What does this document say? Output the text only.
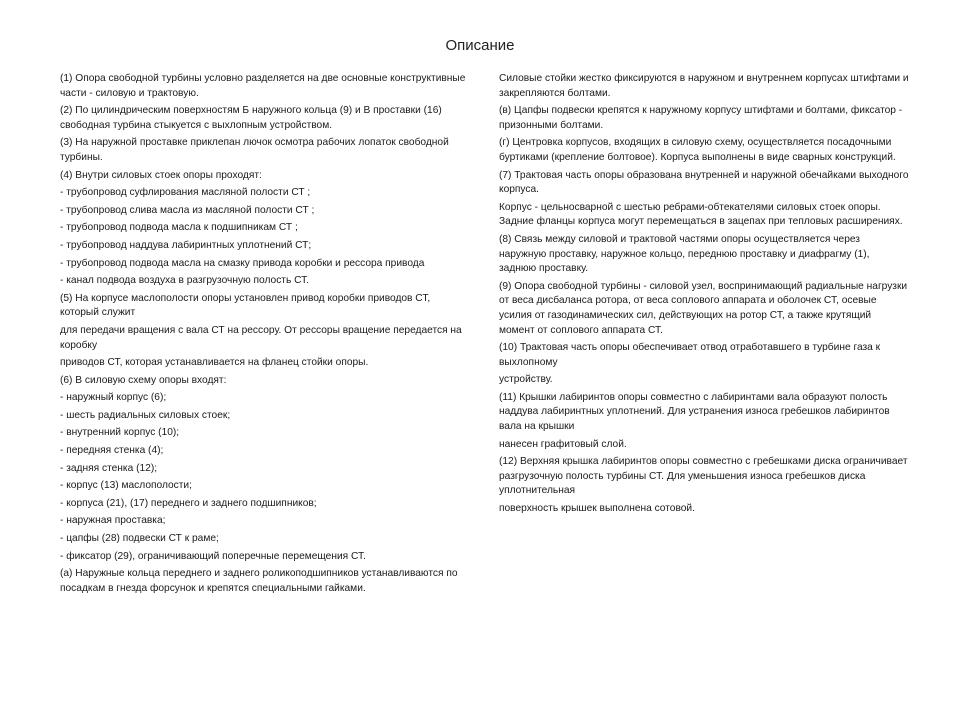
Описание

(1) Опора свободной турбины условно разделяется на две основные конструктивные части - силовую и трактовую.

(2) По цилиндрическим поверхностям Б наружного кольца (9) и В проставки (16) свободная турбина стыкуется с выхлопным устройством.

(3) На наружной проставке приклепан лючок осмотра рабочих лопаток свободной турбины.

(4) Внутри силовых стоек опоры проходят:

- трубопровод суфлирования масляной полости СТ ;

- трубопровод слива масла из масляной полости СТ ;

- трубопровод подвода масла к подшипникам СТ ;

- трубопровод наддува лабиринтных уплотнений СТ;

- трубопровод подвода масла на смазку привода коробки и рессора привода

- канал подвода воздуха в разгрузочную полость СТ.

(5) На корпусе маслополости опоры установлен привод коробки приводов СТ, который служит

для передачи вращения с вала СТ на рессору. От рессоры вращение передается на коробку

приводов СТ, которая устанавливается на фланец стойки опоры.

(6) В силовую схему опоры входят:

- наружный корпус (6);

- шесть радиальных силовых стоек;

- внутренний корпус (10);

- передняя стенка (4);

- задняя стенка (12);

- корпус (13) маслополости;

- корпуса (21), (17) переднего и заднего подшипников;

- наружная проставка;

- цапфы (28) подвески СТ к раме;

- фиксатор (29), ограничивающий поперечные перемещения СТ.

(а) Наружные кольца переднего и заднего роликоподшипников устанавливаются по посадкам в гнезда форсунок и крепятся специальными гайками.

Силовые стойки жестко фиксируются в наружном и внутреннем корпусах штифтами и закрепляются болтами.

(в) Цапфы подвески крепятся к наружному корпусу штифтами и болтами, фиксатор - призонными болтами.

(г) Центровка корпусов, входящих в силовую схему, осуществляется посадочными буртиками (крепление болтовое). Корпуса выполнены в виде сварных конструкций.

(7) Трактовая часть опоры образована внутренней и наружной обечайками выходного корпуса.

Корпус - цельносварной с шестью ребрами-обтекателями силовых стоек опоры. Задние фланцы корпуса могут перемещаться в зацепах при тепловых расширениях.

(8) Связь между силовой и трактовой частями опоры осуществляется через наружную проставку, наружное кольцо, переднюю проставку и диафрагму (1), заднюю проставку.

(9) Опора свободной турбины - силовой узел, воспринимающий радиальные нагрузки от веса дисбаланса ротора, от веса соплового аппарата и оболочек СТ, осевые усилия от газодинамических сил, действующих на ротор СТ, а также крутящий момент от соплового аппарата СТ.

(10) Трактовая часть опоры обеспечивает отвод отработавшего в турбине газа к выхлопному

устройству.

(11) Крышки лабиринтов опоры совместно с лабиринтами вала образуют полость наддува лабиринтных уплотнений. Для устранения износа гребешков лабиринтов вала на крышки

нанесен графитовый слой.

(12) Верхняя крышка лабиринтов опоры совместно с гребешками диска ограничивает разгрузочную полость турбины СТ. Для уменьшения износа гребешков диска уплотнительная

поверхность крышек выполнена сотовой.
